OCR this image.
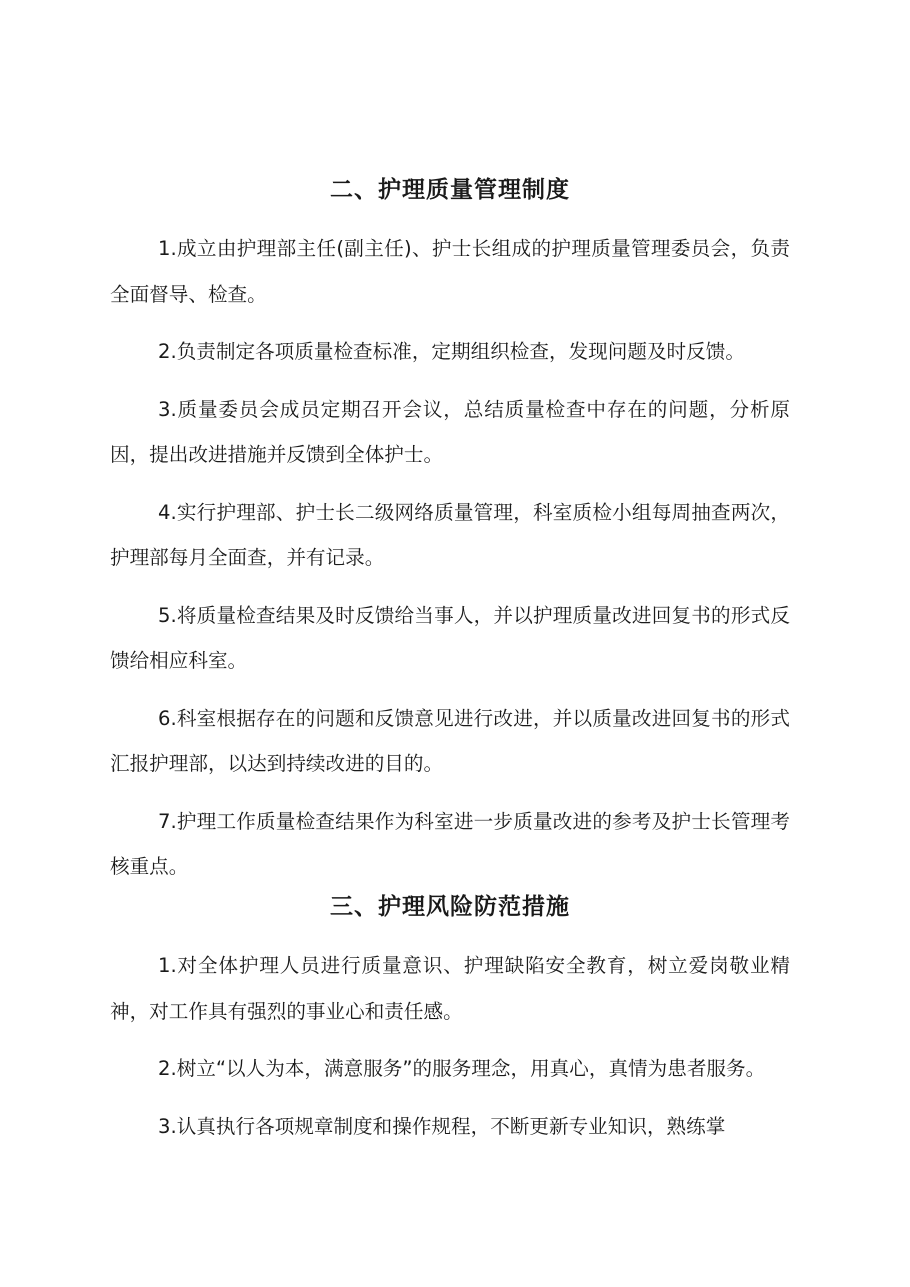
二、护理质量管理制度

1.成立由护理部主任(副主任)、护士长组成的护理质量管理委员会，负责全面督导、检查。

2.负责制定各项质量检查标准，定期组织检查，发现问题及时反馈。

3.质量委员会成员定期召开会议，总结质量检查中存在的问题，分析原因，提出改进措施并反馈到全体护士。

4.实行护理部、护士长二级网络质量管理，科室质检小组每周抽查两次，护理部每月全面查，并有记录。

5.将质量检查结果及时反馈给当事人，并以护理质量改进回复书的形式反馈给相应科室。

6.科室根据存在的问题和反馈意见进行改进，并以质量改进回复书的形式汇报护理部，以达到持续改进的目的。

7.护理工作质量检查结果作为科室进一步质量改进的参考及护士长管理考核重点。

三、护理风险防范措施

1.对全体护理人员进行质量意识、护理缺陷安全教育，树立爱岗敬业精神，对工作具有强烈的事业心和责任感。

2.树立“以人为本，满意服务”的服务理念，用真心，真情为患者服务。

3.认真执行各项规章制度和操作规程，不断更新专业知识，熟练掌
